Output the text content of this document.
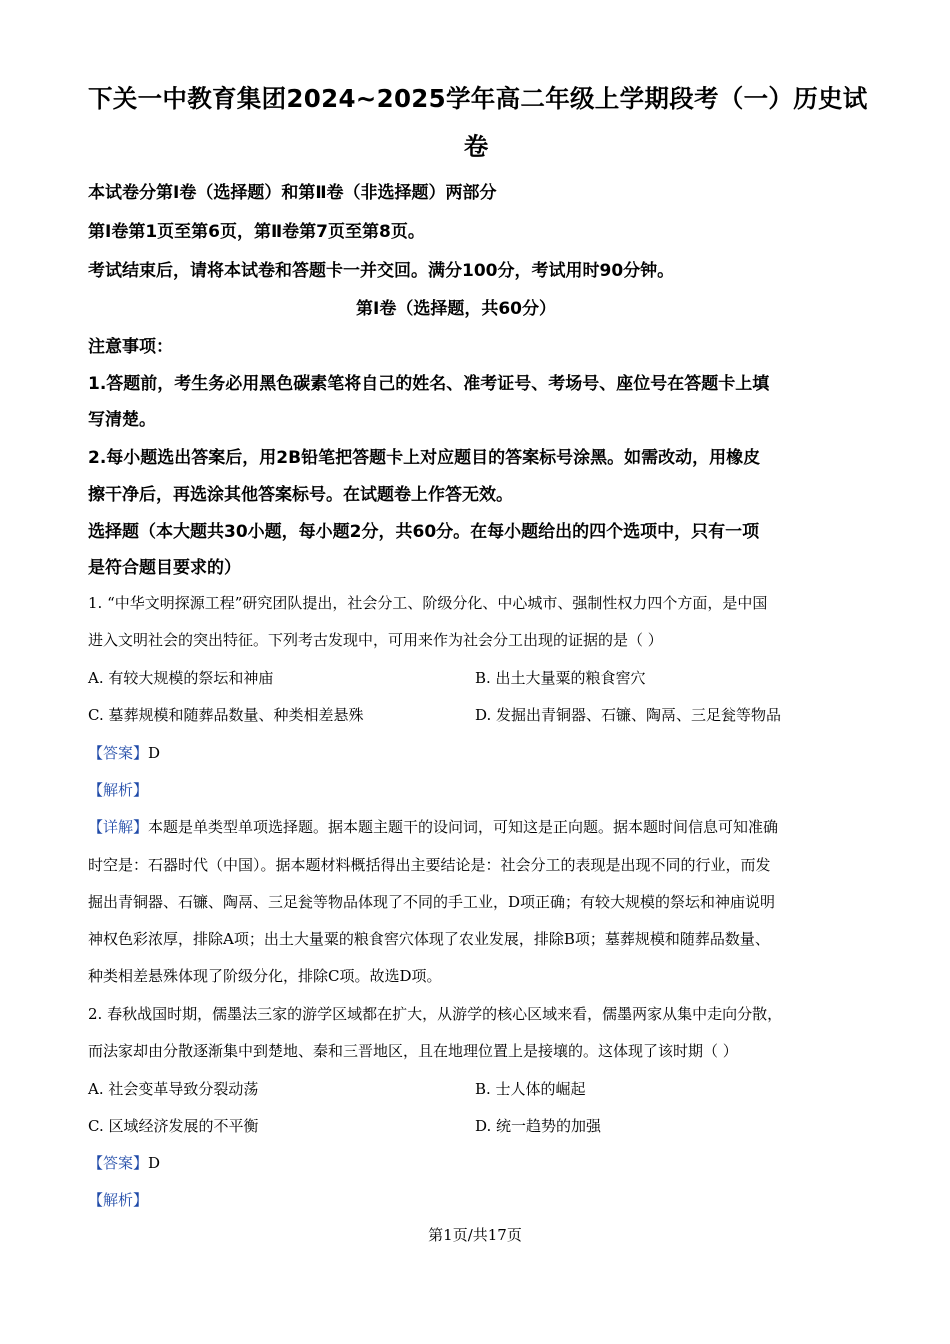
下关一中教育集团2024~2025学年高二年级上学期段考（一）历史试
卷
本试卷分第Ⅰ卷（选择题）和第Ⅱ卷（非选择题）两部分
第Ⅰ卷第1页至第6页，第Ⅱ卷第7页至第8页。
考试结束后，请将本试卷和答题卡一并交回。满分100分，考试用时90分钟。
第Ⅰ卷（选择题，共60分）
注意事项：
1.答题前，考生务必用黑色碳素笔将自己的姓名、准考证号、考场号、座位号在答题卡上填
写清楚。
2.每小题选出答案后，用2B铅笔把答题卡上对应题目的答案标号涂黑。如需改动，用橡皮
擦干净后，再选涂其他答案标号。在试题卷上作答无效。
选择题（本大题共30小题，每小题2分，共60分。在每小题给出的四个选项中，只有一项
是符合题目要求的）
1. “中华文明探源工程”研究团队提出，社会分工、阶级分化、中心城市、强制性权力四个方面，是中国
进入文明社会的突出特征。下列考古发现中，可用来作为社会分工出现的证据的是（ ）
A. 有较大规模的祭坛和神庙	B. 出土大量粟的粮食窖穴
C. 墓葬规模和随葬品数量、种类相差悬殊	D. 发掘出青铜器、石镰、陶鬲、三足瓮等物品
【答案】D
【解析】
【详解】本题是单类型单项选择题。据本题主题干的设问词，可知这是正向题。据本题时间信息可知准确
时空是：石器时代（中国）。据本题材料概括得出主要结论是：社会分工的表现是出现不同的行业，而发
掘出青铜器、石镰、陶鬲、三足瓮等物品体现了不同的手工业，D项正确；有较大规模的祭坛和神庙说明
神权色彩浓厚，排除A项；出土大量粟的粮食窖穴体现了农业发展，排除B项；墓葬规模和随葬品数量、
种类相差悬殊体现了阶级分化，排除C项。故选D项。
2. 春秋战国时期，儒墨法三家的游学区域都在扩大，从游学的核心区域来看，儒墨两家从集中走向分散，
而法家却由分散逐渐集中到楚地、秦和三晋地区，且在地理位置上是接壤的。这体现了该时期（ ）
A. 社会变革导致分裂动荡	B. 士人体的崛起
C. 区域经济发展的不平衡	D. 统一趋势的加强
【答案】D
【解析】
第1页/共17页
